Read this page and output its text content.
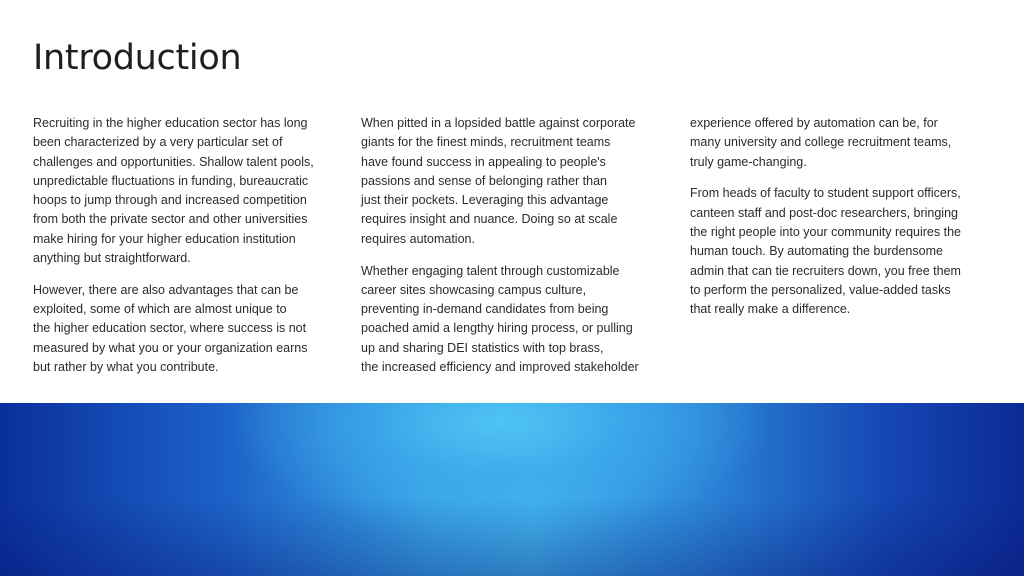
Introduction

Recruiting in the higher education sector has long
been characterized by a very particular set of
challenges and opportunities. Shallow talent pools,
unpredictable fluctuations in funding, bureaucratic
hoops to jump through and increased competition
from both the private sector and other universities
make hiring for your higher education institution
anything but straightforward.

However, there are also advantages that can be
exploited, some of which are almost unique to
the higher education sector, where success is not
measured by what you or your organization earns
but rather by what you contribute.

When pitted in a lopsided battle against corporate
giants for the finest minds, recruitment teams
have found success in appealing to people's
passions and sense of belonging rather than
just their pockets. Leveraging this advantage
requires insight and nuance. Doing so at scale
requires automation.

Whether engaging talent through customizable
career sites showcasing campus culture,
preventing in-demand candidates from being
poached amid a lengthy hiring process, or pulling
up and sharing DEI statistics with top brass,
the increased efficiency and improved stakeholder

experience offered by automation can be, for
many university and college recruitment teams,
truly game-changing.

From heads of faculty to student support officers,
canteen staff and post-doc researchers, bringing
the right people into your community requires the
human touch. By automating the burdensome
admin that can tie recruiters down, you free them
to perform the personalized, value-added tasks
that really make a difference.
